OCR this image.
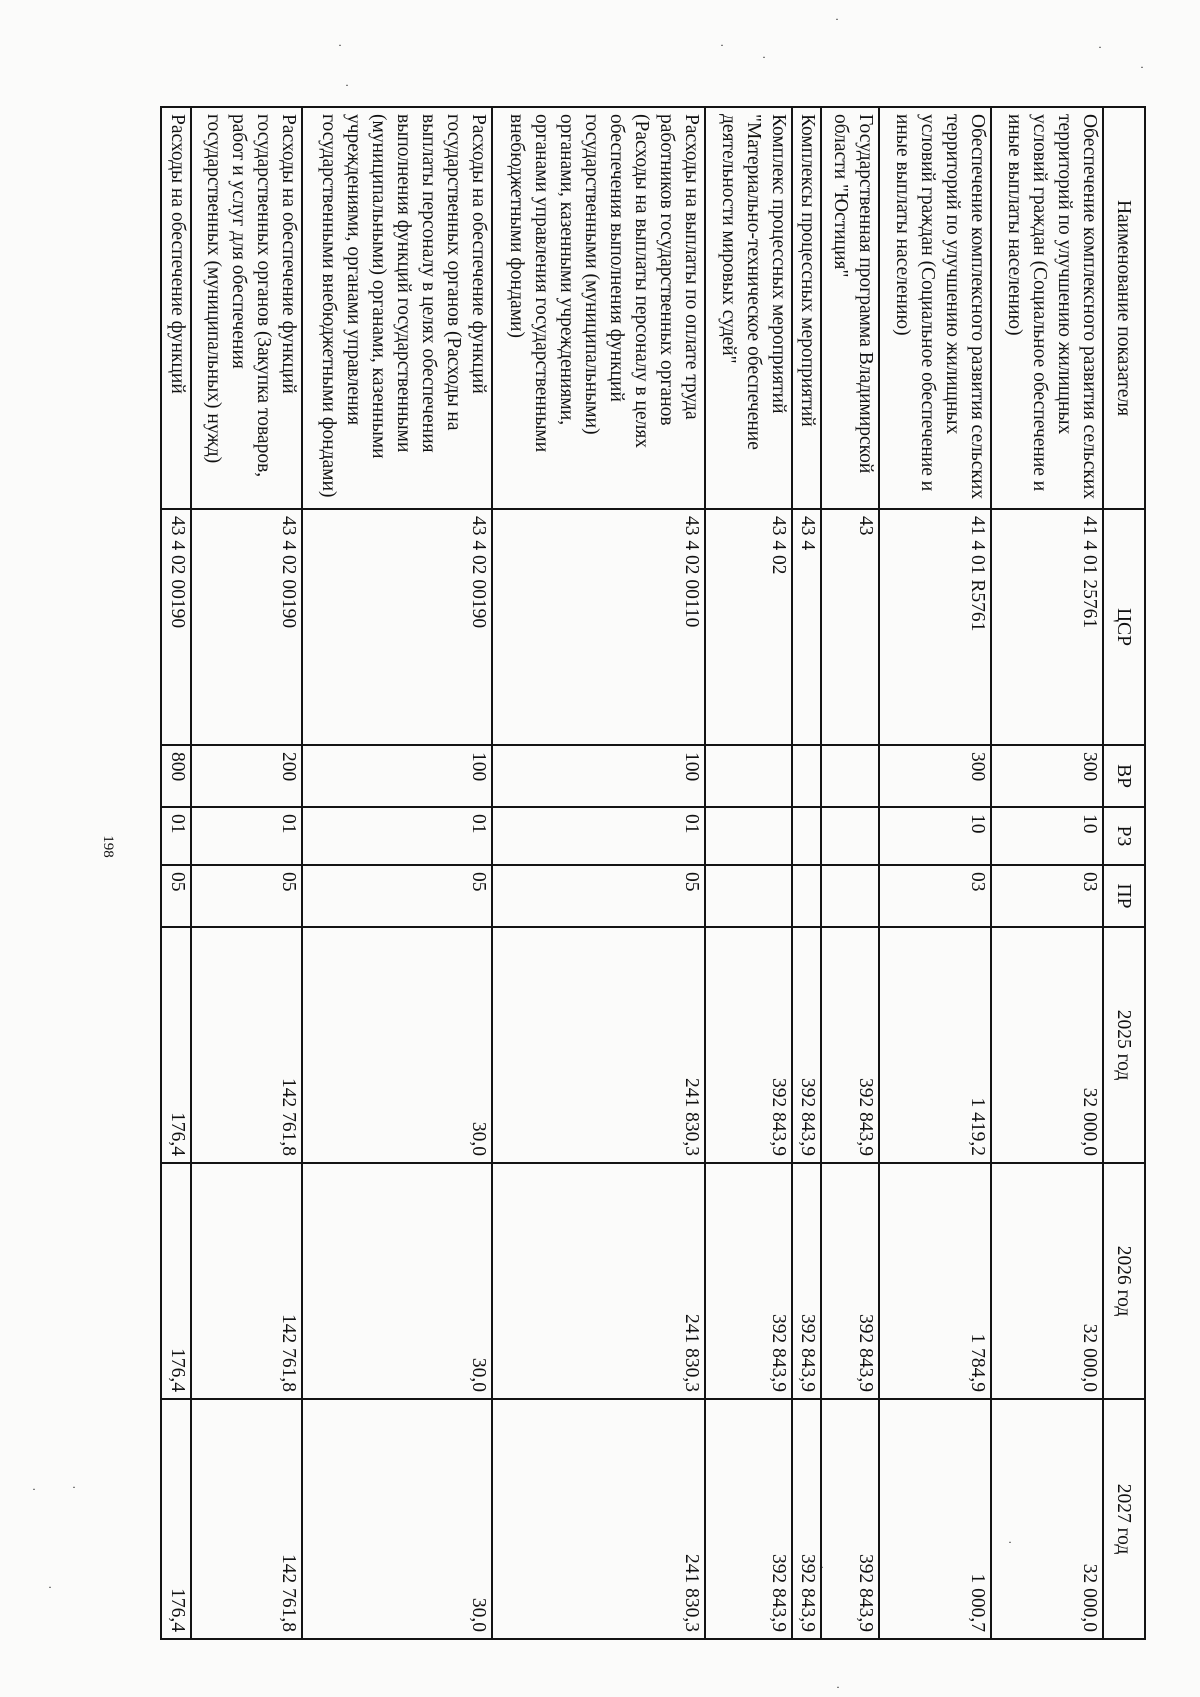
198
Наименование показателя	ЦСР	ВР	РЗ	ПР	2025 год	2026 год	2027 год
Обеспечение комплексного развития сельских территорий по улучшению жилищных условий граждан (Социальное обеспечение и иные выплаты населению)	41 4 01 25761	300	10	03	32 000,0	32 000,0	32 000,0
Обеспечение комплексного развития сельских территорий по улучшению жилищных условий граждан (Социальное обеспечение и иные выплаты населению)	41 4 01 R5761	300	10	03	1 419,2	1 784,9	1 000,7
Государственная программа Владимирской области "Юстиция"	43				392 843,9	392 843,9	392 843,9
Комплексы процессных мероприятий	43 4				392 843,9	392 843,9	392 843,9
Комплекс процессных мероприятий "Материально-техническое обеспечение деятельности мировых судей"	43 4 02				392 843,9	392 843,9	392 843,9
Расходы на выплаты по оплате труда работников государственных органов (Расходы на выплаты персоналу в целях обеспечения выполнения функций государственными (муниципальными) органами, казенными учреждениями, органами управления государственными внебюджетными фондами)	43 4 02 00110	100	01	05	241 830,3	241 830,3	241 830,3
Расходы на обеспечение функций государственных органов (Расходы на выплаты персоналу в целях обеспечения выполнения функций государственными (муниципальными) органами, казенными учреждениями, органами управления государственными внебюджетными фондами)	43 4 02 00190	100	01	05	30,0	30,0	30,0
Расходы на обеспечение функций государственных органов (Закупка товаров, работ и услуг для обеспечения государственных (муниципальных) нужд)	43 4 02 00190	200	01	05	142 761,8	142 761,8	142 761,8
Расходы на обеспечение функций	43 4 02 00190	800	01	05	176,4	176,4	176,4
·
·
·
·
·
·
·
·	·
·
·
·
·
